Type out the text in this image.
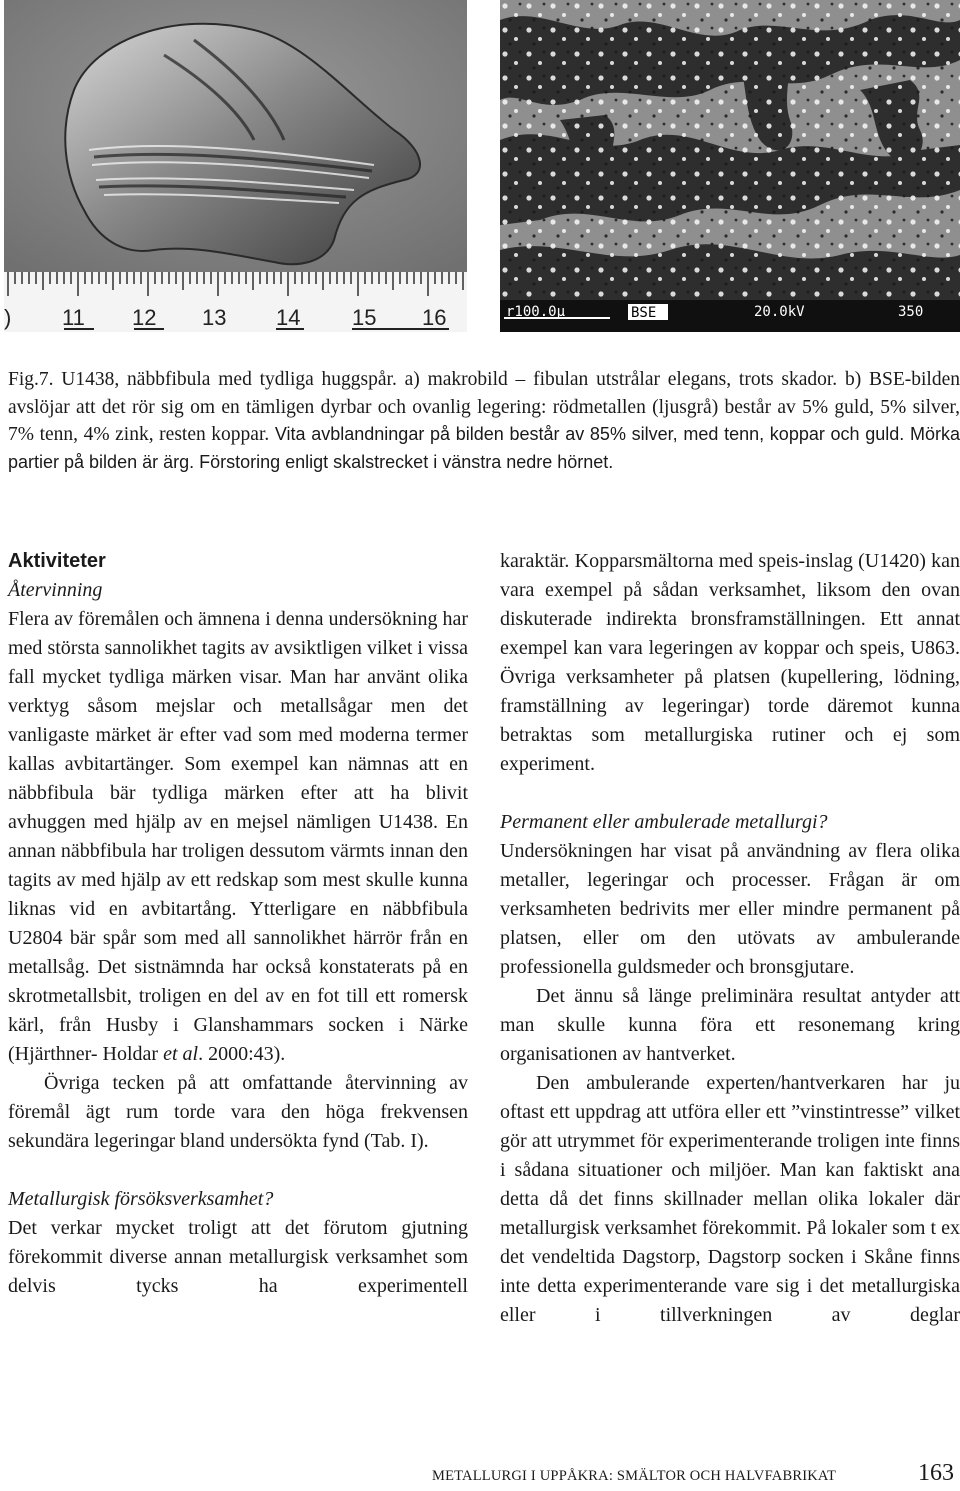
11 12 13 14 15 16
)	r100.0μ	BSE	20.0kV	350
Fig.7. U1438, näbbfibula med tydliga huggspår. a) makrobild – fibulan utstrålar elegans, trots skador. b) BSE-bilden avslöjar att det rör sig om en tämligen dyrbar och ovanlig legering: rödmetallen (ljusgrå) består av 5% guld, 5% silver, 7% tenn, 4% zink, resten koppar. Vita avblandningar på bilden består av 85% silver, med tenn, koppar och guld. Mörka partier på bilden är ärg. Förstoring enligt skalstrecket i vänstra nedre hörnet.
Aktiviteter
Återvinning

Flera av föremålen och ämnena i denna undersökning har med största sannolikhet tagits av avsiktligen vilket i vissa fall mycket tydliga märken visar. Man har använt olika verktyg såsom mejslar och metallsågar men det vanligaste märket är efter vad som med moderna termer kallas avbitartänger. Som exempel kan nämnas att en näbbfibula bär tydliga märken efter att ha blivit avhuggen med hjälp av en mejsel nämligen U1438. En annan näbbfibula har troligen dessutom värmts innan den tagits av med hjälp av ett redskap som mest skulle kunna liknas vid en avbitartång. Ytterligare en näbbfibula U2804 bär spår som med all sannolikhet härrör från en metallsåg. Det sistnämnda har också konstaterats på en skrotmetallsbit, troligen en del av en fot till ett romersk kärl, från Husby i Glanshammars socken i Närke (Hjärthner- Holdar et al. 2000:43).

Övriga tecken på att omfattande återvinning av föremål ägt rum torde vara den höga frekvensen sekundära legeringar bland undersökta fynd (Tab. I).

Metallurgisk försöksverksamhet?

Det verkar mycket troligt att det förutom gjutning förekommit diverse annan metallurgisk verksamhet som delvis tycks ha experimentell

karaktär. Kopparsmältorna med speis-inslag (U1420) kan vara exempel på sådan verksamhet, liksom den ovan diskuterade indirekta bronsframställningen. Ett annat exempel kan vara legeringen av koppar och speis, U863. Övriga verksamheter på platsen (kupellering, lödning, framställning av legeringar) torde däremot kunna betraktas som metallurgiska rutiner och ej som experiment.

Permanent eller ambulerade metallurgi?

Undersökningen har visat på användning av flera olika metaller, legeringar och processer. Frågan är om verksamheten bedrivits mer eller mindre permanent på platsen, eller om den utövats av ambulerande professionella guldsmeder och bronsgjutare.

Det ännu så länge preliminära resultat antyder att man skulle kunna föra ett resonemang kring organisationen av hantverket.

Den ambulerande experten/hantverkaren har ju oftast ett uppdrag att utföra eller ett ”vinstintresse” vilket gör att utrymmet för experimenterande troligen inte finns i sådana situationer och miljöer. Man kan faktiskt ana detta då det finns skillnader mellan olika lokaler där metallurgisk verksamhet förekommit. På lokaler som t ex det vendeltida Dagstorp, Dagstorp socken i Skåne finns inte detta experimenterande vare sig i det metallurgiska eller i tillverkningen av deglar

METALLURGI I UPPÅKRA: SMÄLTOR OCH HALVFABRIKAT	163
